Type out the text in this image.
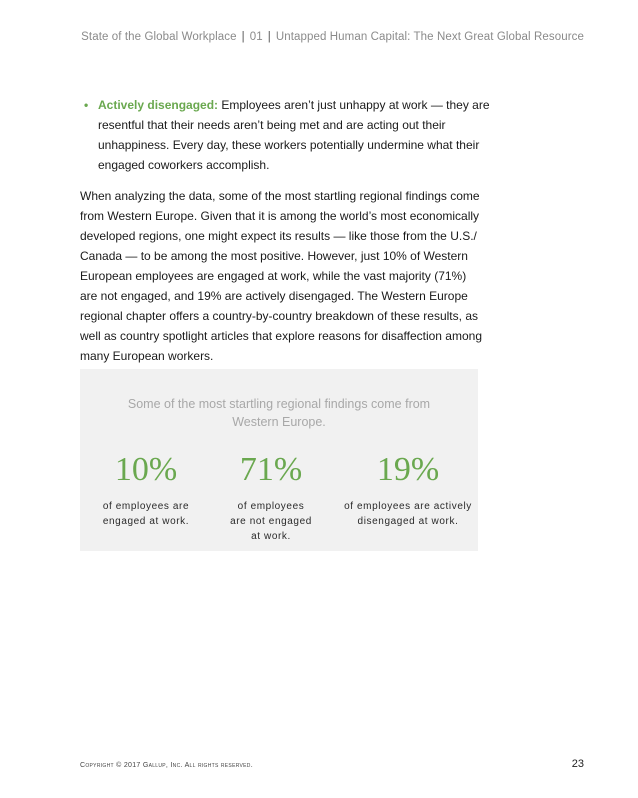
State of the Global Workplace | 01 | Untapped Human Capital: The Next Great Global Resource
• Actively disengaged: Employees aren’t just unhappy at work — they are resentful that their needs aren’t being met and are acting out their unhappiness. Every day, these workers potentially undermine what their engaged coworkers accomplish.
When analyzing the data, some of the most startling regional findings come from Western Europe. Given that it is among the world’s most economically developed regions, one might expect its results — like those from the U.S./ Canada — to be among the most positive. However, just 10% of Western European employees are engaged at work, while the vast majority (71%) are not engaged, and 19% are actively disengaged. The Western Europe regional chapter offers a country-by-country breakdown of these results, as well as country spotlight articles that explore reasons for disaffection among many European workers.
Some of the most startling regional findings come from
Western Europe.
10%
of employees are
engaged at work.
71%
of employees
are not engaged
at work.
19%
of employees are actively
disengaged at work.
Copyright © 2017 Gallup, Inc. All rights reserved.	23
